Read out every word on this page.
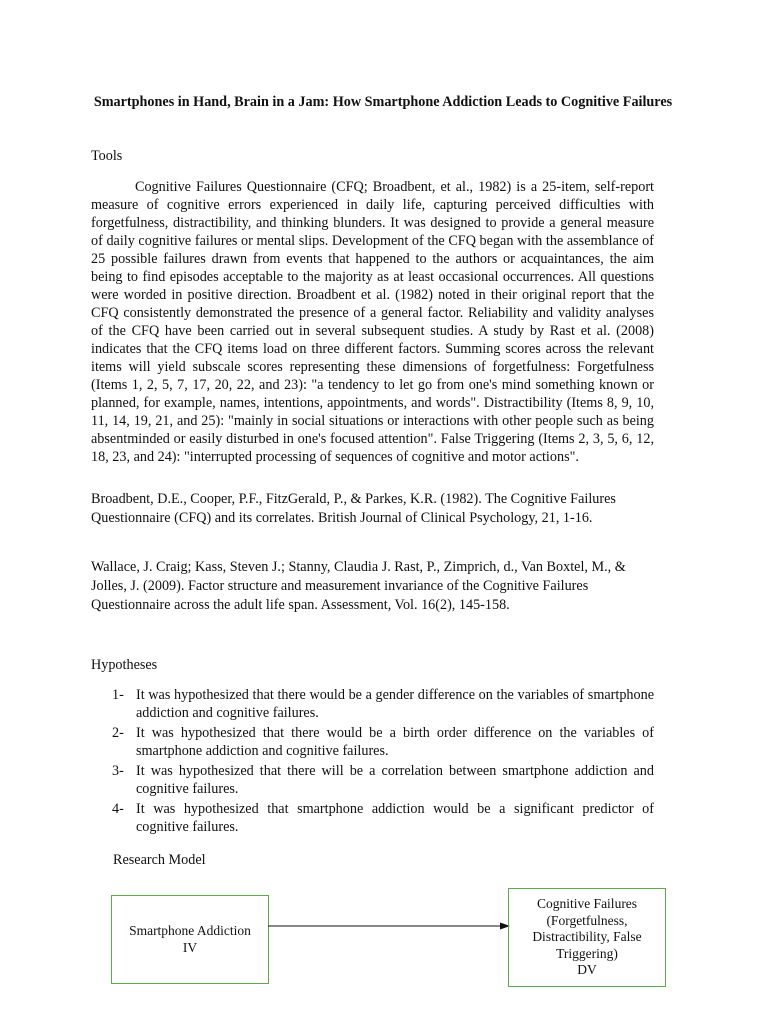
Smartphones in Hand, Brain in a Jam: How Smartphone Addiction Leads to Cognitive Failures
Tools

Cognitive Failures Questionnaire (CFQ; Broadbent, et al., 1982) is a 25-item, self-report measure of cognitive errors experienced in daily life, capturing perceived difficulties with forgetfulness, distractibility, and thinking blunders. It was designed to provide a general measure of daily cognitive failures or mental slips. Development of the CFQ began with the assemblance of 25 possible failures drawn from events that happened to the authors or acquaintances, the aim being to find episodes acceptable to the majority as at least occasional occurrences. All questions were worded in positive direction. Broadbent et al. (1982) noted in their original report that the CFQ consistently demonstrated the presence of a general factor. Reliability and validity analyses of the CFQ have been carried out in several subsequent studies. A study by Rast et al. (2008) indicates that the CFQ items load on three different factors. Summing scores across the relevant items will yield subscale scores representing these dimensions of forgetfulness: Forgetfulness (Items 1, 2, 5, 7, 17, 20, 22, and 23): "a tendency to let go from one's mind something known or planned, for example, names, intentions, appointments, and words". Distractibility (Items 8, 9, 10, 11, 14, 19, 21, and 25): "mainly in social situations or interactions with other people such as being absentminded or easily disturbed in one's focused attention". False Triggering (Items 2, 3, 5, 6, 12, 18, 23, and 24): "interrupted processing of sequences of cognitive and motor actions".

Broadbent, D.E., Cooper, P.F., FitzGerald, P., & Parkes, K.R. (1982). The Cognitive Failures Questionnaire (CFQ) and its correlates. British Journal of Clinical Psychology, 21, 1-16.

Wallace, J. Craig; Kass, Steven J.; Stanny, Claudia J. Rast, P., Zimprich, d., Van Boxtel, M., & Jolles, J. (2009). Factor structure and measurement invariance of the Cognitive Failures Questionnaire across the adult life span. Assessment, Vol. 16(2), 145-158.

Hypotheses
1- It was hypothesized that there would be a gender difference on the variables of smartphone addiction and cognitive failures.
2- It was hypothesized that there would be a birth order difference on the variables of smartphone addiction and cognitive failures.
3- It was hypothesized that there will be a correlation between smartphone addiction and cognitive failures.
4- It was hypothesized that smartphone addiction would be a significant predictor of cognitive failures.
Research Model
Smartphone Addiction
IV
Cognitive Failures
(Forgetfulness,
Distractibility, False
Triggering)
DV
